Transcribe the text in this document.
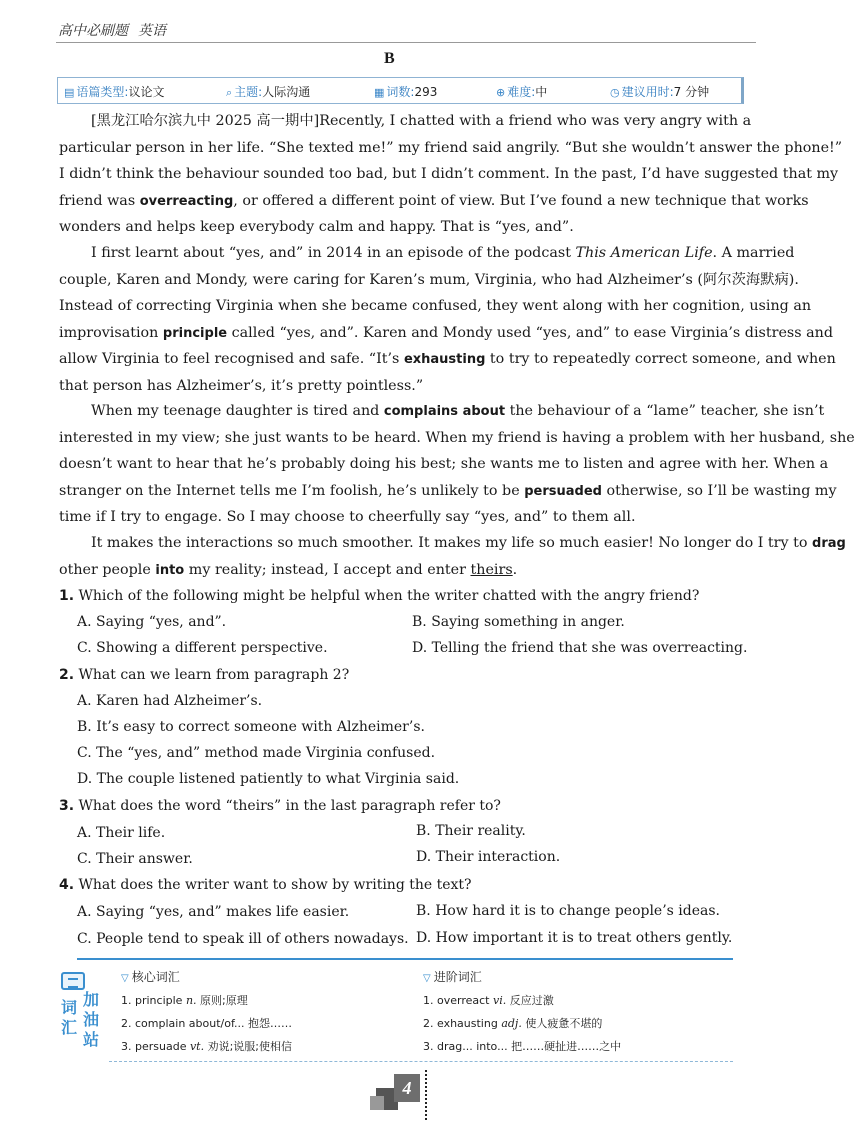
高中必刷题 英语
B
▤ 语篇类型:议论文	⌕ 主题:人际沟通	▦ 词数:293	⊕ 难度:中	◷ 建议用时:7 分钟
[黑龙江哈尔滨九中 2025 高一期中]Recently, I chatted with a friend who was very angry with a
particular person in her life. “She texted me!” my friend said angrily. “But she wouldn’t answer the phone!”
I didn’t think the behaviour sounded too bad, but I didn’t comment. In the past, I’d have suggested that my
friend was overreacting, or offered a different point of view. But I’ve found a new technique that works
wonders and helps keep everybody calm and happy. That is “yes, and”.
I first learnt about “yes, and” in 2014 in an episode of the podcast This American Life. A married
couple, Karen and Mondy, were caring for Karen’s mum, Virginia, who had Alzheimer’s (阿尔茨海默病).
Instead of correcting Virginia when she became confused, they went along with her cognition, using an
improvisation principle called “yes, and”. Karen and Mondy used “yes, and” to ease Virginia’s distress and
allow Virginia to feel recognised and safe. “It’s exhausting to try to repeatedly correct someone, and when
that person has Alzheimer’s, it’s pretty pointless.”
When my teenage daughter is tired and complains about the behaviour of a “lame” teacher, she isn’t
interested in my view; she just wants to be heard. When my friend is having a problem with her husband, she
doesn’t want to hear that he’s probably doing his best; she wants me to listen and agree with her. When a
stranger on the Internet tells me I’m foolish, he’s unlikely to be persuaded otherwise, so I’ll be wasting my
time if I try to engage. So I may choose to cheerfully say “yes, and” to them all.
It makes the interactions so much smoother. It makes my life so much easier! No longer do I try to drag
other people into my reality; instead, I accept and enter theirs.
1. Which of the following might be helpful when the writer chatted with the angry friend?
A. Saying “yes, and”.	B. Saying something in anger.
C. Showing a different perspective.	D. Telling the friend that she was overreacting.
2. What can we learn from paragraph 2?
A. Karen had Alzheimer’s.
B. It’s easy to correct someone with Alzheimer’s.
C. The “yes, and” method made Virginia confused.
D. The couple listened patiently to what Virginia said.
3. What does the word “theirs” in the last paragraph refer to?
A. Their life.	B. Their reality.
C. Their answer.	D. Their interaction.
4. What does the writer want to show by writing the text?
A. Saying “yes, and” makes life easier.	B. How hard it is to change people’s ideas.
C. People tend to speak ill of others nowadays. D. How important it is to treat others gently.
词汇
加油站
▽ 核心词汇
1. principle n. 原则;原理
2. complain about/of... 抱怨……
3. persuade vt. 劝说;说服;使相信
▽ 进阶词汇
1. overreact vi. 反应过激
2. exhausting adj. 使人疲惫不堪的
3. drag... into... 把……硬扯进……之中
4
